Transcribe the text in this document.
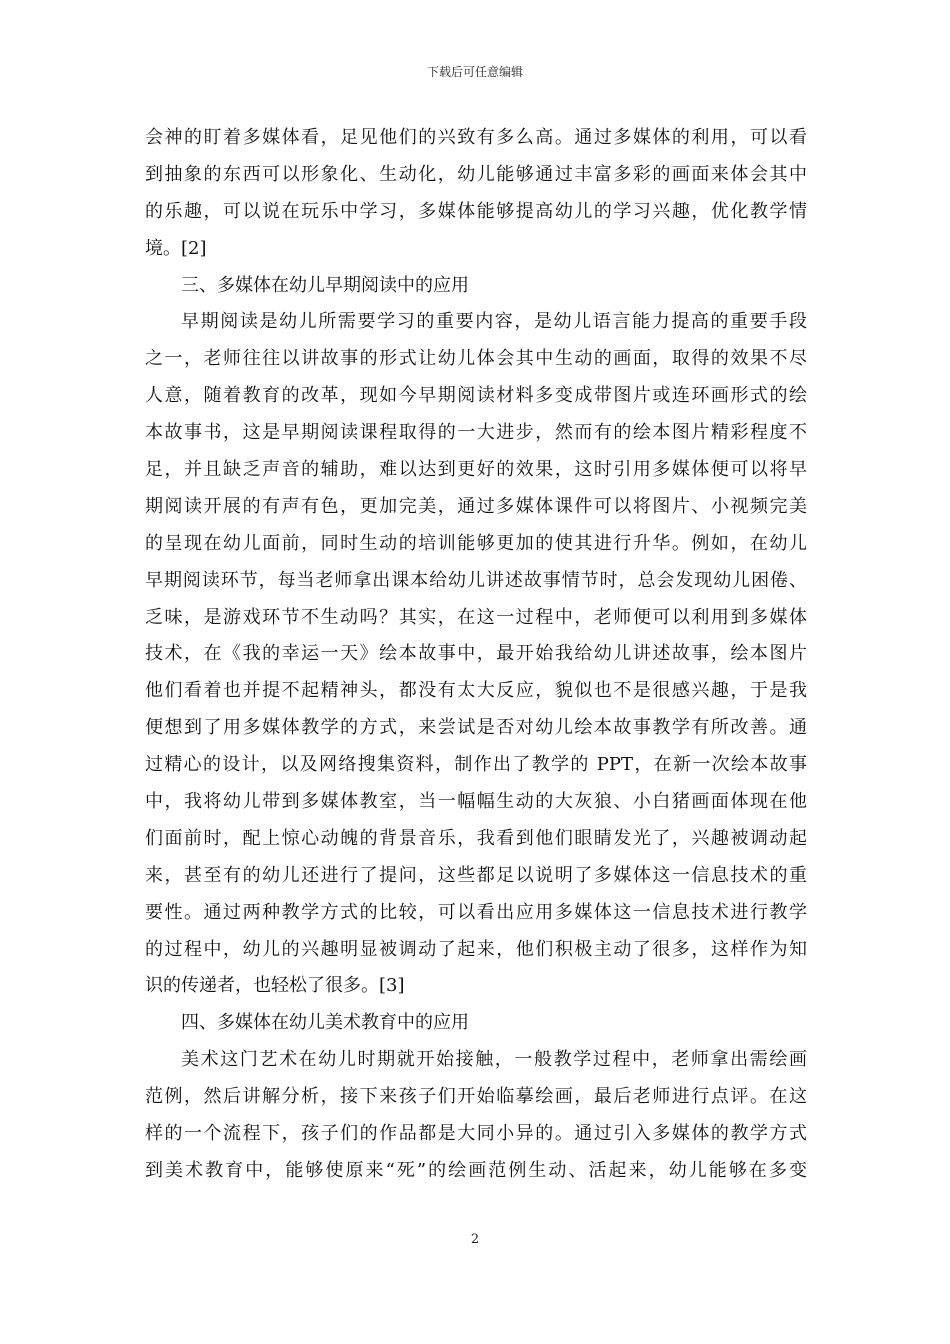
下载后可任意编辑
会神的盯着多媒体看，足见他们的兴致有多么高。通过多媒体的利用，可以看
到抽象的东西可以形象化、生动化，幼儿能够通过丰富多彩的画面来体会其中
的乐趣，可以说在玩乐中学习，多媒体能够提高幼儿的学习兴趣，优化教学情
境。[2]
三、多媒体在幼儿早期阅读中的应用
早期阅读是幼儿所需要学习的重要内容，是幼儿语言能力提高的重要手段
之一，老师往往以讲故事的形式让幼儿体会其中生动的画面，取得的效果不尽
人意，随着教育的改革，现如今早期阅读材料多变成带图片或连环画形式的绘
本故事书，这是早期阅读课程取得的一大进步，然而有的绘本图片精彩程度不
足，并且缺乏声音的辅助，难以达到更好的效果，这时引用多媒体便可以将早
期阅读开展的有声有色，更加完美，通过多媒体课件可以将图片、小视频完美
的呈现在幼儿面前，同时生动的培训能够更加的使其进行升华。例如，在幼儿
早期阅读环节，每当老师拿出课本给幼儿讲述故事情节时，总会发现幼儿困倦、
乏味，是游戏环节不生动吗？其实，在这一过程中，老师便可以利用到多媒体
技术，在《我的幸运一天》绘本故事中，最开始我给幼儿讲述故事，绘本图片
他们看着也并提不起精神头，都没有太大反应，貌似也不是很感兴趣，于是我
便想到了用多媒体教学的方式，来尝试是否对幼儿绘本故事教学有所改善。通
过精心的设计，以及网络搜集资料，制作出了教学的 PPT，在新一次绘本故事
中，我将幼儿带到多媒体教室，当一幅幅生动的大灰狼、小白猪画面体现在他
们面前时，配上惊心动魄的背景音乐，我看到他们眼睛发光了，兴趣被调动起
来，甚至有的幼儿还进行了提问，这些都足以说明了多媒体这一信息技术的重
要性。通过两种教学方式的比较，可以看出应用多媒体这一信息技术进行教学
的过程中，幼儿的兴趣明显被调动了起来，他们积极主动了很多，这样作为知
识的传递者，也轻松了很多。[3]
四、多媒体在幼儿美术教育中的应用
美术这门艺术在幼儿时期就开始接触，一般教学过程中，老师拿出需绘画
范例，然后讲解分析，接下来孩子们开始临摹绘画，最后老师进行点评。在这
样的一个流程下，孩子们的作品都是大同小异的。通过引入多媒体的教学方式
到美术教育中，能够使原来“死”的绘画范例生动、活起来，幼儿能够在多变
2
